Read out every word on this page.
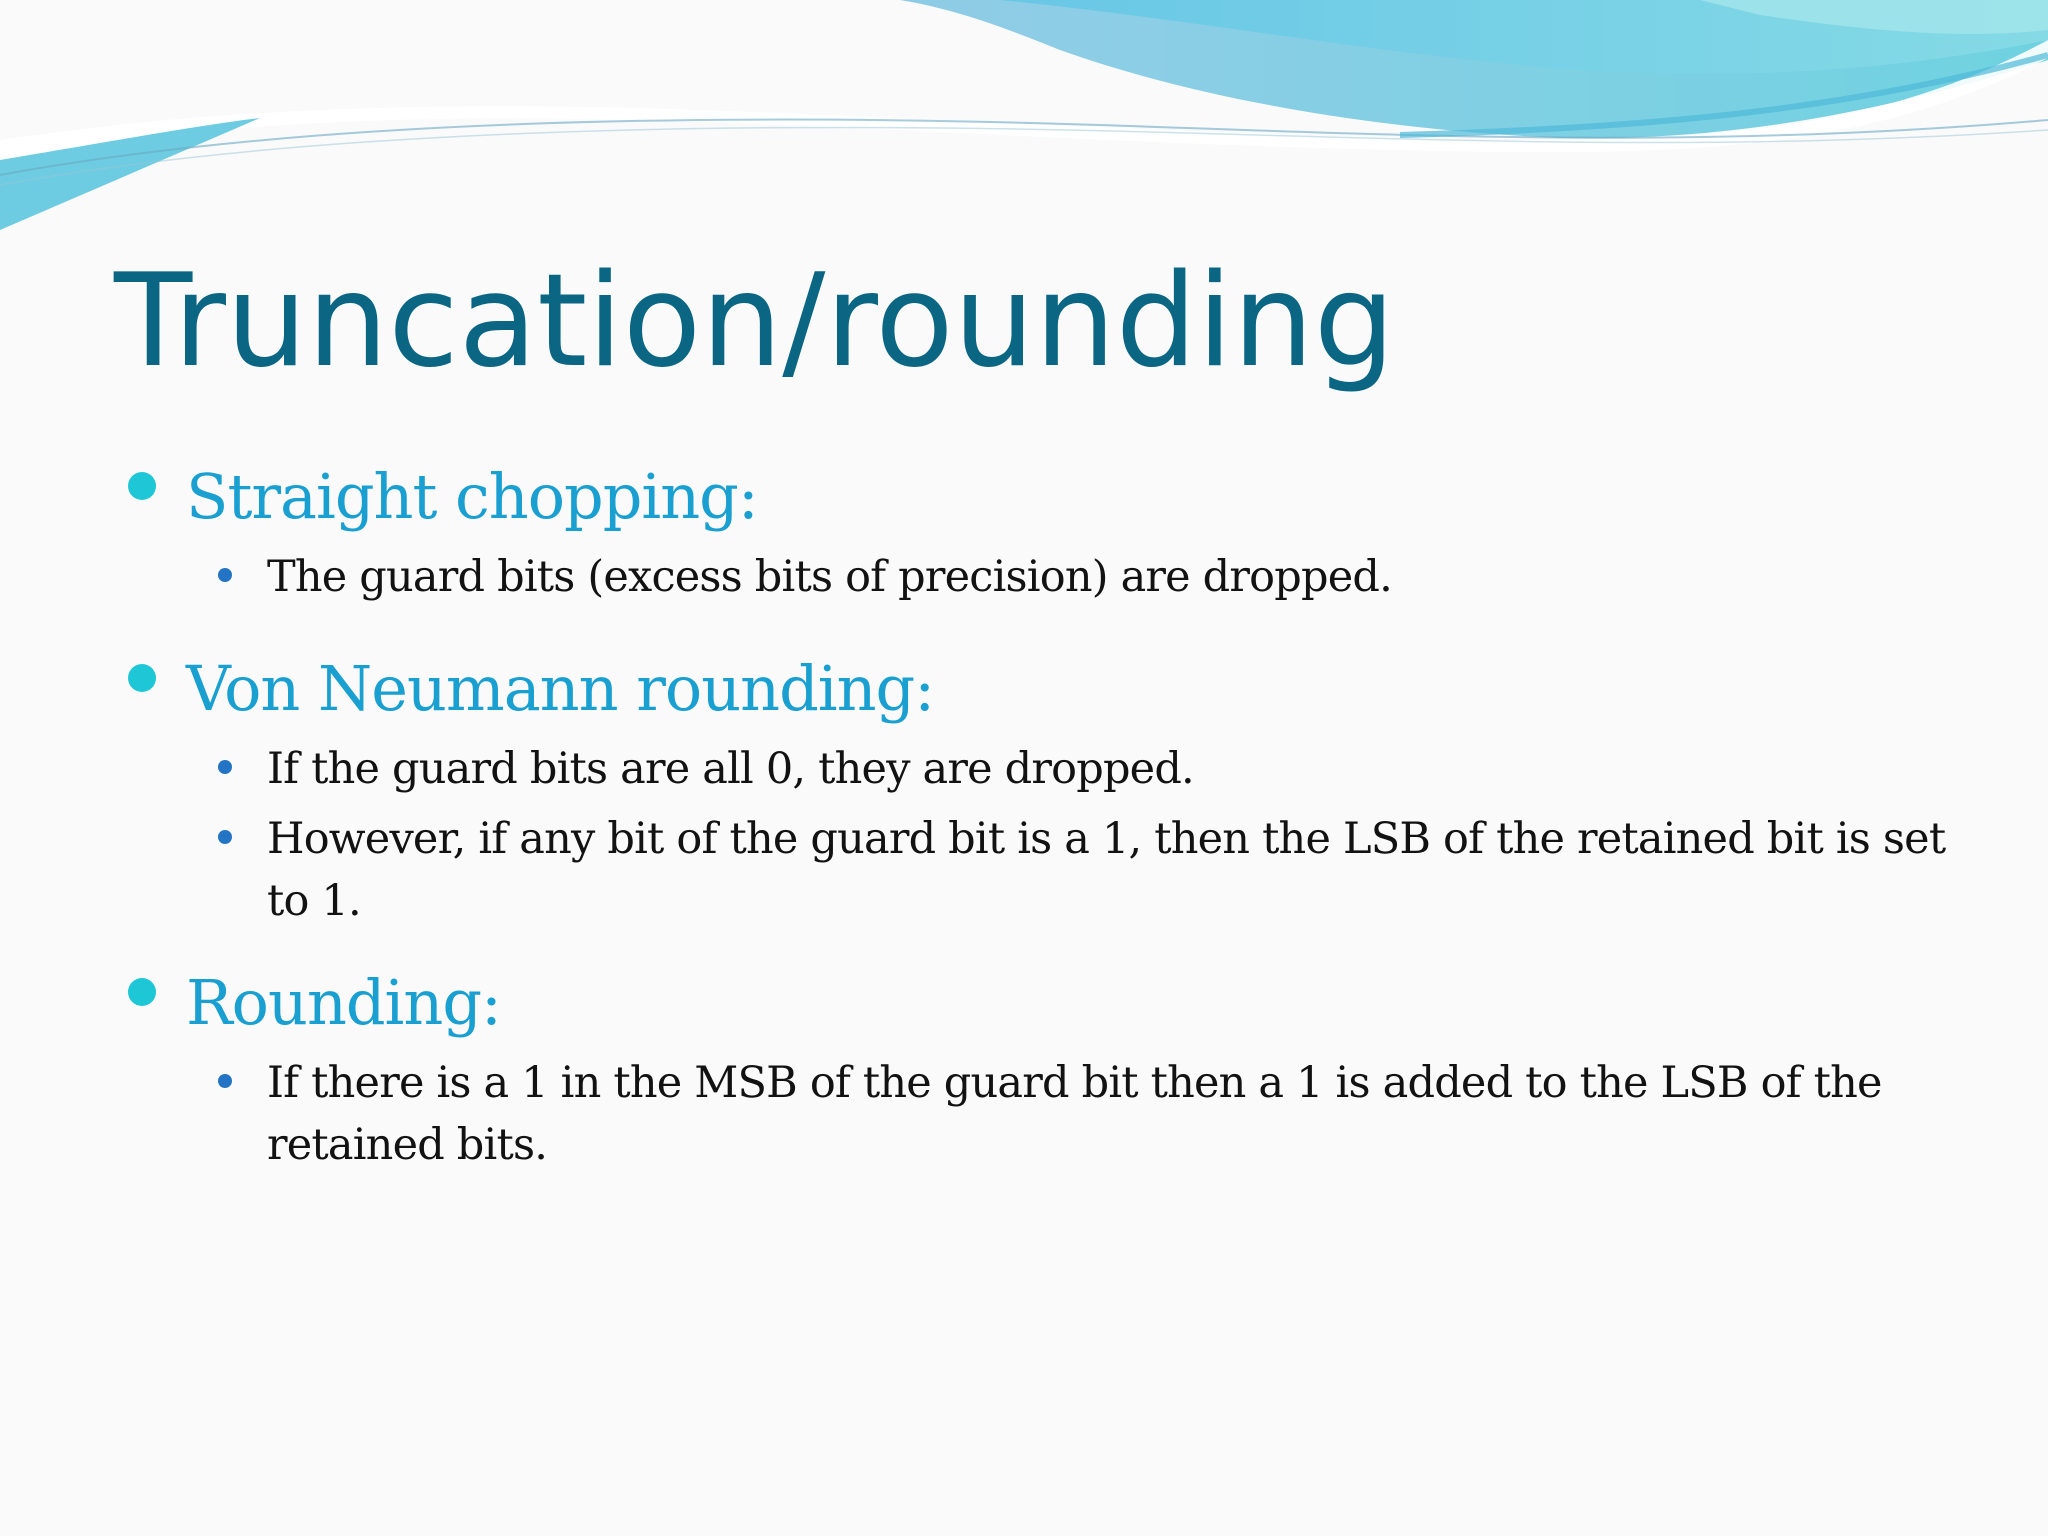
Truncation/rounding
Straight chopping:
The guard bits (excess bits of precision) are dropped.
Von Neumann rounding:
If the guard bits are all 0, they are dropped.
However, if any bit of the guard bit is a 1, then the LSB of the retained bit is set to 1.
Rounding:
If there is a 1 in the MSB of the guard bit then a 1 is added to the LSB of the retained bits.
